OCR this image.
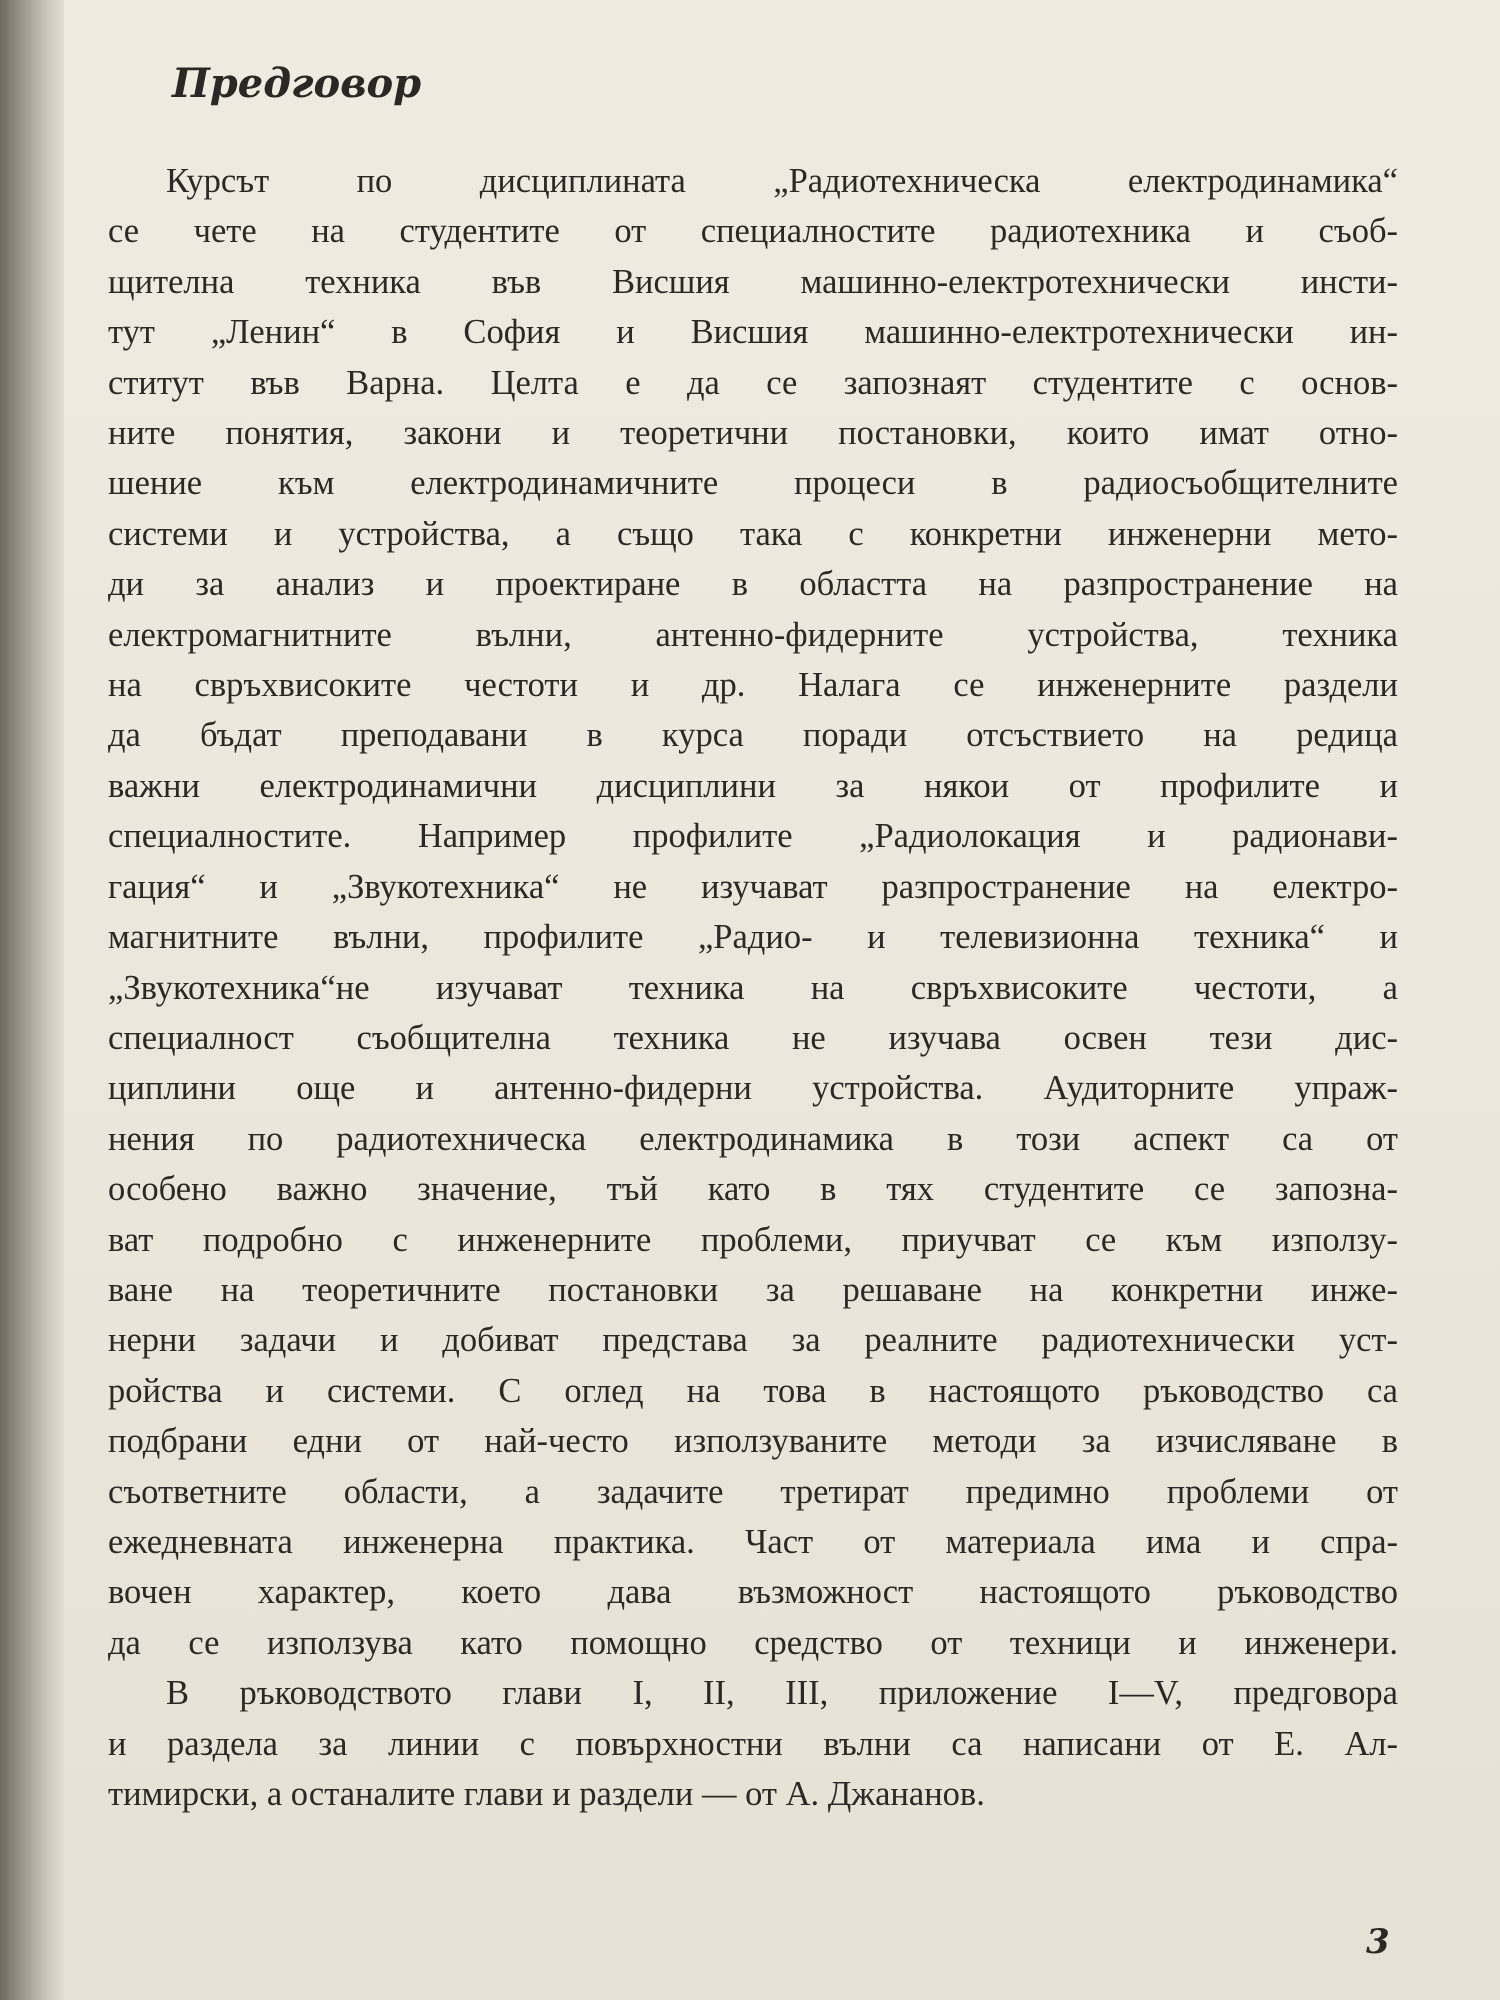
Предговор
Курсът по дисциплината „Радиотехническа електродинамика“
се чете на студентите от специалностите радиотехника и съоб-
щителна техника във Висшия машинно-електротехнически инсти-
тут „Ленин“ в София и Висшия машинно-електротехнически ин-
ститут във Варна. Целта е да се запознаят студентите с основ-
ните понятия, закони и теоретични постановки, които имат отно-
шение към електродинамичните процеси в радиосъобщителните
системи и устройства, а също така с конкретни инженерни мето-
ди за анализ и проектиране в областта на разпространение на
електромагнитните вълни, антенно-фидерните устройства, техника
на свръхвисоките честоти и др. Налага се инженерните раздели
да бъдат преподавани в курса поради отсъствието на редица
важни електродинамични дисциплини за някои от профилите и
специалностите. Например профилите „Радиолокация и радионави-
гация“ и „Звукотехника“ не изучават разпространение на електро-
магнитните вълни, профилите „Радио- и телевизионна техника“ и
„Звукотехника“не изучават техника на свръхвисоките честоти, а
специалност съобщителна техника не изучава освен тези дис-
циплини още и антенно-фидерни устройства. Аудиторните упраж-
нения по радиотехническа електродинамика в този аспект са от
особено важно значение, тъй като в тях студентите се запозна-
ват подробно с инженерните проблеми, приучват се към използу-
ване на теоретичните постановки за решаване на конкретни инже-
нерни задачи и добиват представа за реалните радиотехнически уст-
ройства и системи. С оглед на това в настоящото ръководство са
подбрани едни от най-често използуваните методи за изчисляване в
съответните области, а задачите третират предимно проблеми от
ежедневната инженерна практика. Част от материала има и спра-
вочен характер, което дава възможност настоящото ръководство
да се използува като помощно средство от техници и инженери.
В ръководството глави I, II, III, приложение I—V, предговора
и раздела за линии с повърхностни вълни са написани от Е. Ал-
тимирски, а останалите глави и раздели — от А. Джананов.
3
